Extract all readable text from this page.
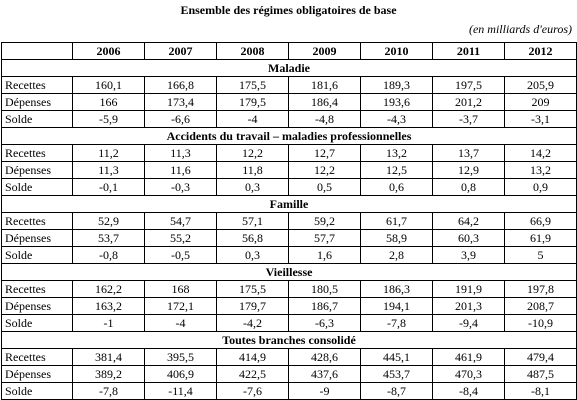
Ensemble des régimes obligatoires de base
(en milliards d'euros)
	2006	2007	2008	2009	2010	2011	2012
Maladie							
Recettes	160,1	166,8	175,5	181,6	189,3	197,5	205,9
Dépenses	166	173,4	179,5	186,4	193,6	201,2	209
Solde	-5,9	-6,6	-4	-4,8	-4,3	-3,7	-3,1
Accidents du travail – maladies professionnelles							
Recettes	11,2	11,3	12,2	12,7	13,2	13,7	14,2
Dépenses	11,3	11,6	11,8	12,2	12,5	12,9	13,2
Solde	-0,1	-0,3	0,3	0,5	0,6	0,8	0,9
Famille							
Recettes	52,9	54,7	57,1	59,2	61,7	64,2	66,9
Dépenses	53,7	55,2	56,8	57,7	58,9	60,3	61,9
Solde	-0,8	-0,5	0,3	1,6	2,8	3,9	5
Vieillesse							
Recettes	162,2	168	175,5	180,5	186,3	191,9	197,8
Dépenses	163,2	172,1	179,7	186,7	194,1	201,3	208,7
Solde	-1	-4	-4,2	-6,3	-7,8	-9,4	-10,9
Toutes branches consolidé							
Recettes	381,4	395,5	414,9	428,6	445,1	461,9	479,4
Dépenses	389,2	406,9	422,5	437,6	453,7	470,3	487,5
Solde	-7,8	-11,4	-7,6	-9	-8,7	-8,4	-8,1
